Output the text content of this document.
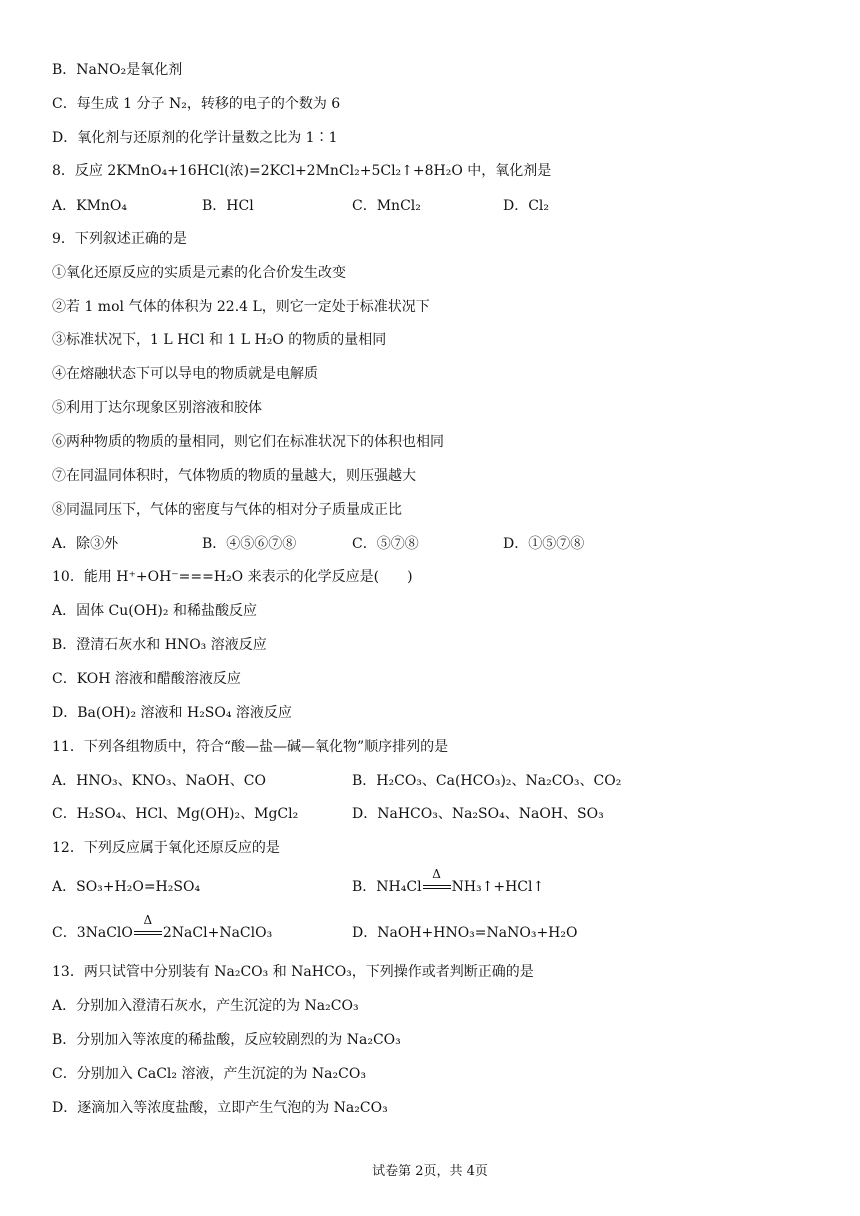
B．NaNO₂是氧化剂
C．每生成 1 分子 N₂，转移的电子的个数为 6
D．氧化剂与还原剂的化学计量数之比为 1∶1
8．反应 2KMnO₄+16HCl(浓)=2KCl+2MnCl₂+5Cl₂↑+8H₂O 中，氧化剂是
A．KMnO₄	B．HCl	C．MnCl₂	D．Cl₂
9．下列叙述正确的是
①氧化还原反应的实质是元素的化合价发生改变
②若 1 mol 气体的体积为 22.4 L，则它一定处于标准状况下
③标准状况下，1 L HCl 和 1 L H₂O 的物质的量相同
④在熔融状态下可以导电的物质就是电解质
⑤利用丁达尔现象区别溶液和胶体
⑥两种物质的物质的量相同，则它们在标准状况下的体积也相同
⑦在同温同体积时，气体物质的物质的量越大，则压强越大
⑧同温同压下，气体的密度与气体的相对分子质量成正比
A．除③外	B．④⑤⑥⑦⑧	C．⑤⑦⑧	D．①⑤⑦⑧
10．能用 H⁺+OH⁻===H₂O 来表示的化学反应是(　　)
A．固体 Cu(OH)₂ 和稀盐酸反应
B．澄清石灰水和 HNO₃ 溶液反应
C．KOH 溶液和醋酸溶液反应
D．Ba(OH)₂ 溶液和 H₂SO₄ 溶液反应
11．下列各组物质中，符合“酸—盐—碱—氧化物”顺序排列的是
A．HNO₃、KNO₃、NaOH、CO	B．H₂CO₃、Ca(HCO₃)₂、Na₂CO₃、CO₂
C．H₂SO₄、HCl、Mg(OH)₂、MgCl₂	D．NaHCO₃、Na₂SO₄、NaOH、SO₃
12．下列反应属于氧化还原反应的是
A．SO₃+H₂O=H₂SO₄	B．NH₄Cl
Δ
NH₃↑+HCl↑
C．3NaClO
Δ
2NaCl+NaClO₃	D．NaOH+HNO₃=NaNO₃+H₂O
13．两只试管中分别装有 Na₂CO₃ 和 NaHCO₃，下列操作或者判断正确的是
A．分别加入澄清石灰水，产生沉淀的为 Na₂CO₃
B．分别加入等浓度的稀盐酸，反应较剧烈的为 Na₂CO₃
C．分别加入 CaCl₂ 溶液，产生沉淀的为 Na₂CO₃
D．逐滴加入等浓度盐酸，立即产生气泡的为 Na₂CO₃
试卷第 2页，共 4页
